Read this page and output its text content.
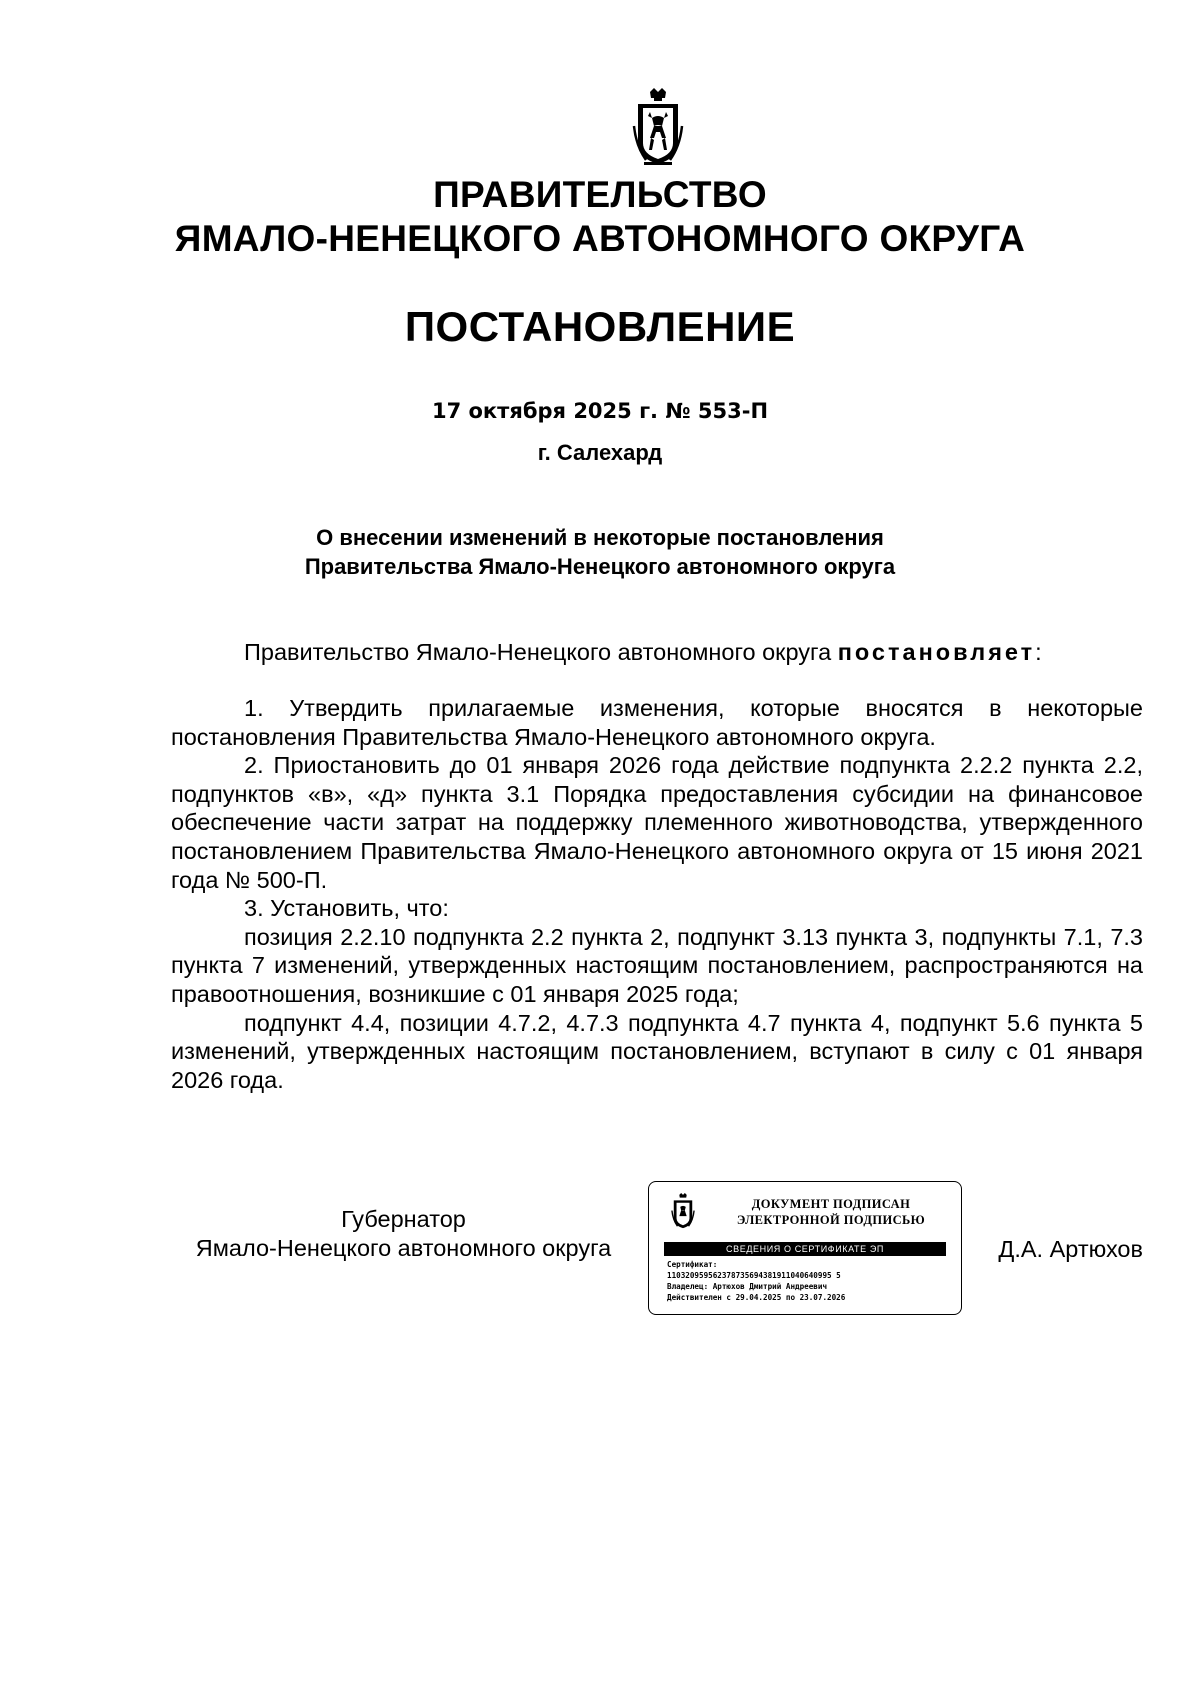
ПРАВИТЕЛЬСТВО
ЯМАЛО-НЕНЕЦКОГО АВТОНОМНОГО ОКРУГА
ПОСТАНОВЛЕНИЕ
17 октября 2025 г. № 553-П
г. Салехард
О внесении изменений в некоторые постановления
Правительства Ямало-Ненецкого автономного округа

Правительство Ямало-Ненецкого автономного округа постановляет:

1. Утвердить прилагаемые изменения, которые вносятся в некоторые постановления Правительства Ямало-Ненецкого автономного округа.

2. Приостановить до 01 января 2026 года действие подпункта 2.2.2 пункта 2.2, подпунктов «в», «д» пункта 3.1 Порядка предоставления субсидии на финансовое обеспечение части затрат на поддержку племенного животноводства, утвержденного постановлением Правительства Ямало-Ненецкого автономного округа от 15 июня 2021 года № 500-П.

3. Установить, что:

позиция 2.2.10 подпункта 2.2 пункта 2, подпункт 3.13 пункта 3, подпункты 7.1, 7.3 пункта 7 изменений, утвержденных настоящим постановлением, распространяются на правоотношения, возникшие с 01 января 2025 года;

подпункт 4.4, позиции 4.7.2, 4.7.3 подпункта 4.7 пункта 4, подпункт 5.6 пункта 5 изменений, утвержденных настоящим постановлением, вступают в силу с 01 января 2026 года.

Губернатор
Ямало-Ненецкого автономного округа
ДОКУМЕНТ ПОДПИСАН
ЭЛЕКТРОННОЙ ПОДПИСЬЮ
СВЕДЕНИЯ О СЕРТИФИКАТЕ ЭП
Сертификат:
110320959562378735694381911040640995 5
Владелец: Артюхов Дмитрий Андреевич
Действителен с 29.04.2025 по 23.07.2026
Д.А. Артюхов
